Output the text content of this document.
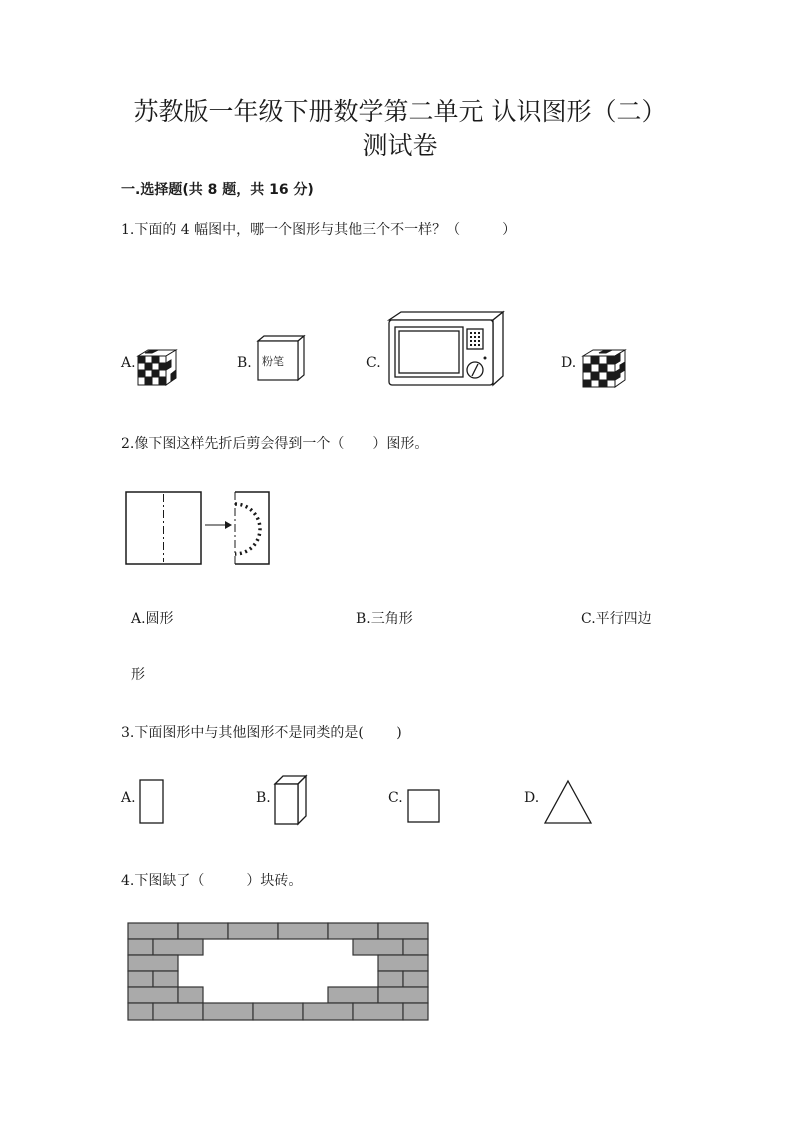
苏教版一年级下册数学第二单元 认识图形（二）
测试卷
一.选择题(共 8 题，共 16 分)
1.下面的 4 幅图中，哪一个图形与其他三个不一样？（　　　）
A.	B. 粉笔	C.	D.
2.像下图这样先折后剪会得到一个（　　）图形。
A.圆形	B.三角形	C.平行四边
形
3.下面图形中与其他图形不是同类的是(　　 )
A.	B.	C.	D.
4.下图缺了（　　　）块砖。
